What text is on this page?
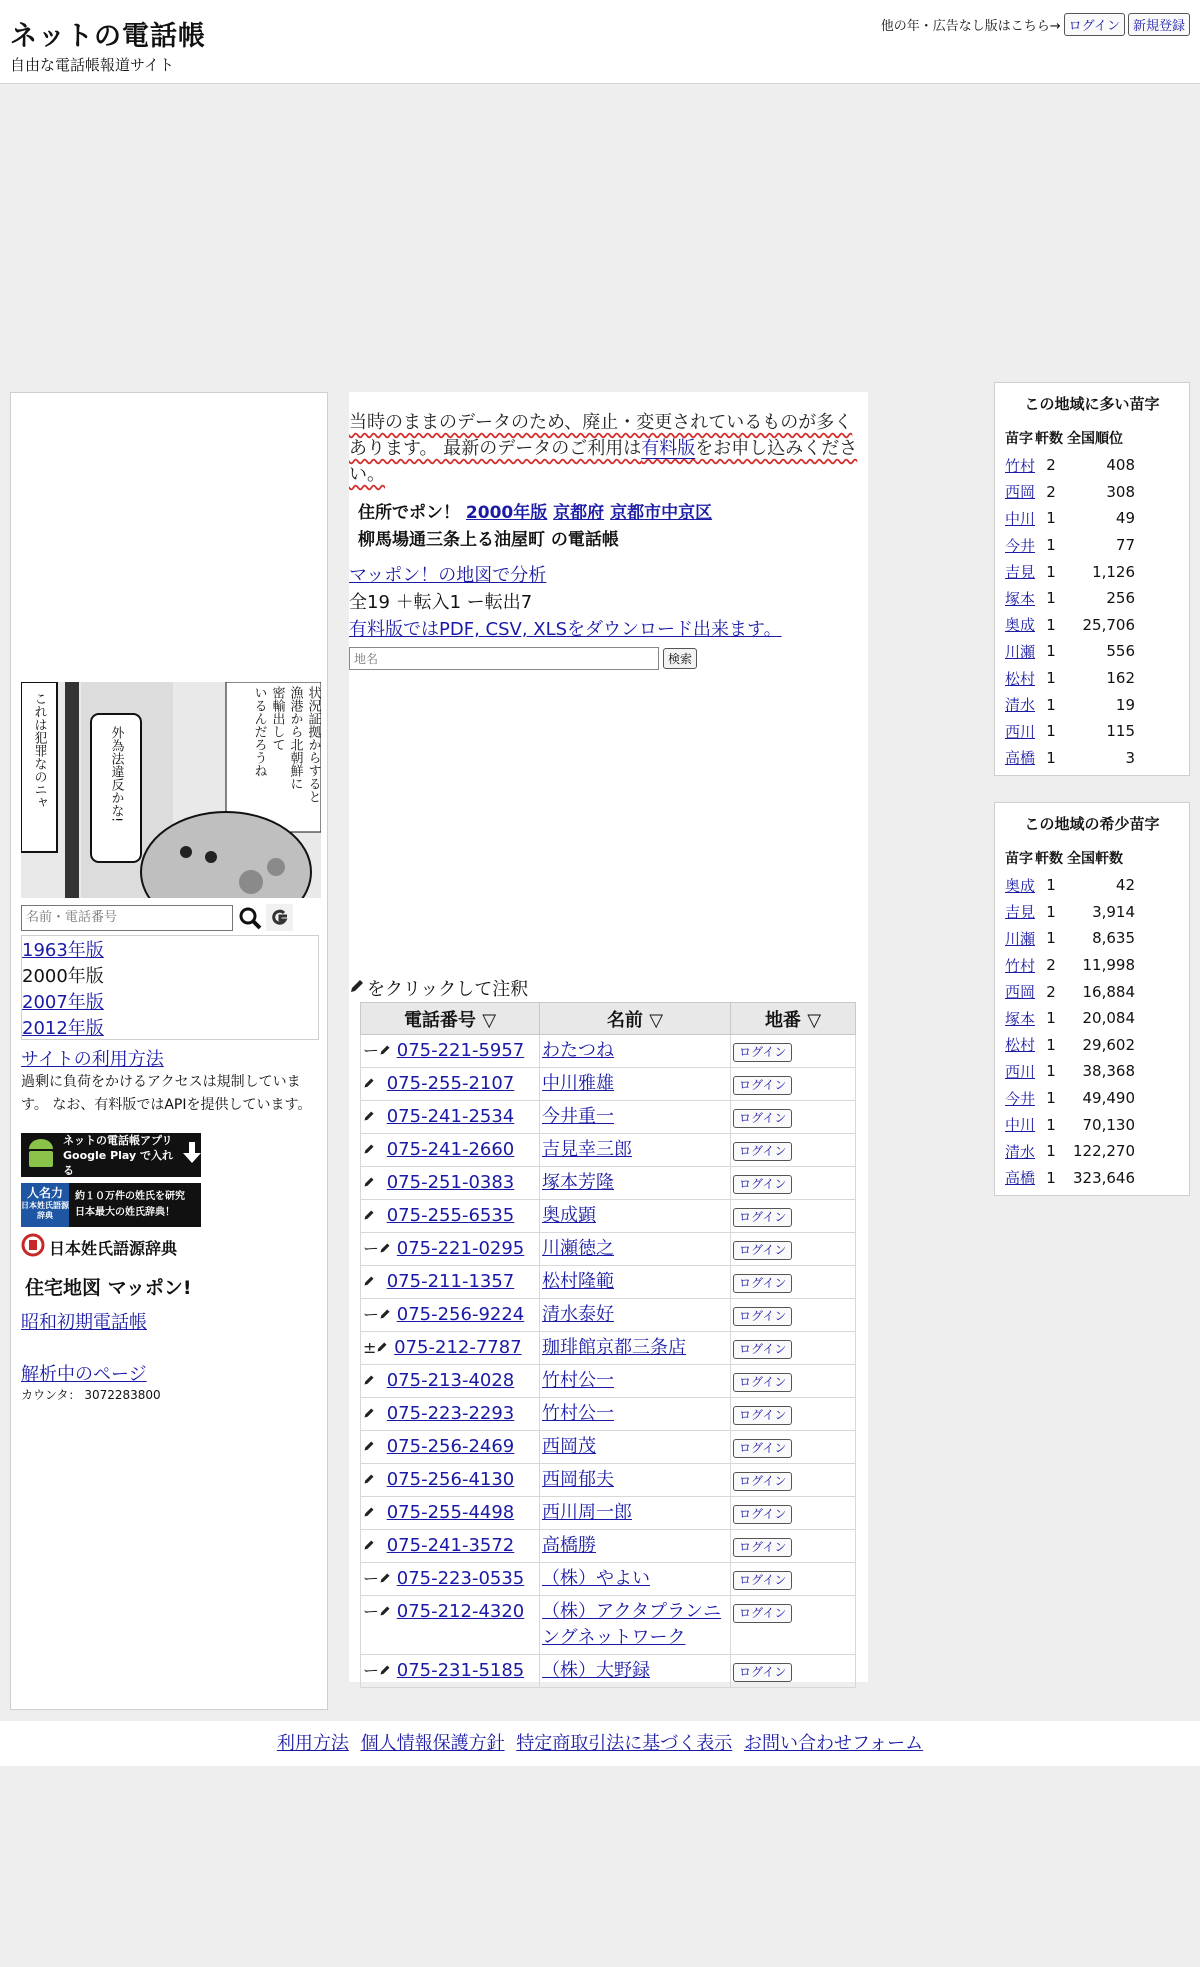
ネットの電話帳
自由な電話帳報道サイト
他の年・広告なし版はこちら→ ログイン	新規登録
状況証拠からすると
漁港から北朝鮮に
密輸出して
いるんだろうね
外為法違反かな!
これは犯罪なのニャ
名前・電話番号
1963年版
2000年版
2007年版
2012年版
サイトの利用方法
過剰に負荷をかけるアクセスは規制しています。 なお、有料版ではAPIを提供しています。
ネットの電話帳アプリ
Google Play で入れる
人名力
日本姓氏語源辞典
約１０万件の姓氏を研究
日本最大の姓氏辞典！
日本姓氏語源辞典
住宅地図 マッポン!
昭和初期電話帳
解析中のページ
カウンタ： 3072283800
当時のままのデータのため、廃止・変更されているものが多くあります。 最新のデータのご利用は有料版をお申し込みください。
住所でポン！ 2000年版 京都府 京都市中京区
柳馬場通三条上る油屋町 の電話帳
マッポン！の地図で分析
全19 ＋転入1 ー転出7
有料版ではPDF, CSV, XLSをダウンロード出来ます。
地名
検索
をクリックして注釈
電話番号 ▽	名前 ▽	地番 ▽
ー 075-221-5957	わたつね	ログイン
075-255-2107	中川雅雄	ログイン
075-241-2534	今井重一	ログイン
075-241-2660	吉見幸三郎	ログイン
075-251-0383	塚本芳隆	ログイン
075-255-6535	奥成顕	ログイン
ー 075-221-0295	川瀬徳之	ログイン
075-211-1357	松村隆範	ログイン
ー 075-256-9224	清水泰好	ログイン
± 075-212-7787	珈琲館京都三条店	ログイン
075-213-4028	竹村公一	ログイン
075-223-2293	竹村公一	ログイン
075-256-2469	西岡茂	ログイン
075-256-4130	西岡郁夫	ログイン
075-255-4498	西川周一郎	ログイン
075-241-3572	高橋勝	ログイン
ー 075-223-0535	（株）やよい	ログイン
ー 075-212-4320	（株）アクタプランニングネットワーク	ログイン
ー 075-231-5185	（株）大野録	ログイン
この地域に多い苗字
苗字	軒数	全国順位
竹村	2	408
西岡	2	308
中川	1	49
今井	1	77
吉見	1	1,126
塚本	1	256
奥成	1	25,706
川瀬	1	556
松村	1	162
清水	1	19
西川	1	115
高橋	1	3
この地域の希少苗字
苗字	軒数	全国軒数
奥成	1	42
吉見	1	3,914
川瀬	1	8,635
竹村	2	11,998
西岡	2	16,884
塚本	1	20,084
松村	1	29,602
西川	1	38,368
今井	1	49,490
中川	1	70,130
清水	1	122,270
高橋	1	323,646
利用方法 個人情報保護方針 特定商取引法に基づく表示 お問い合わせフォーム
